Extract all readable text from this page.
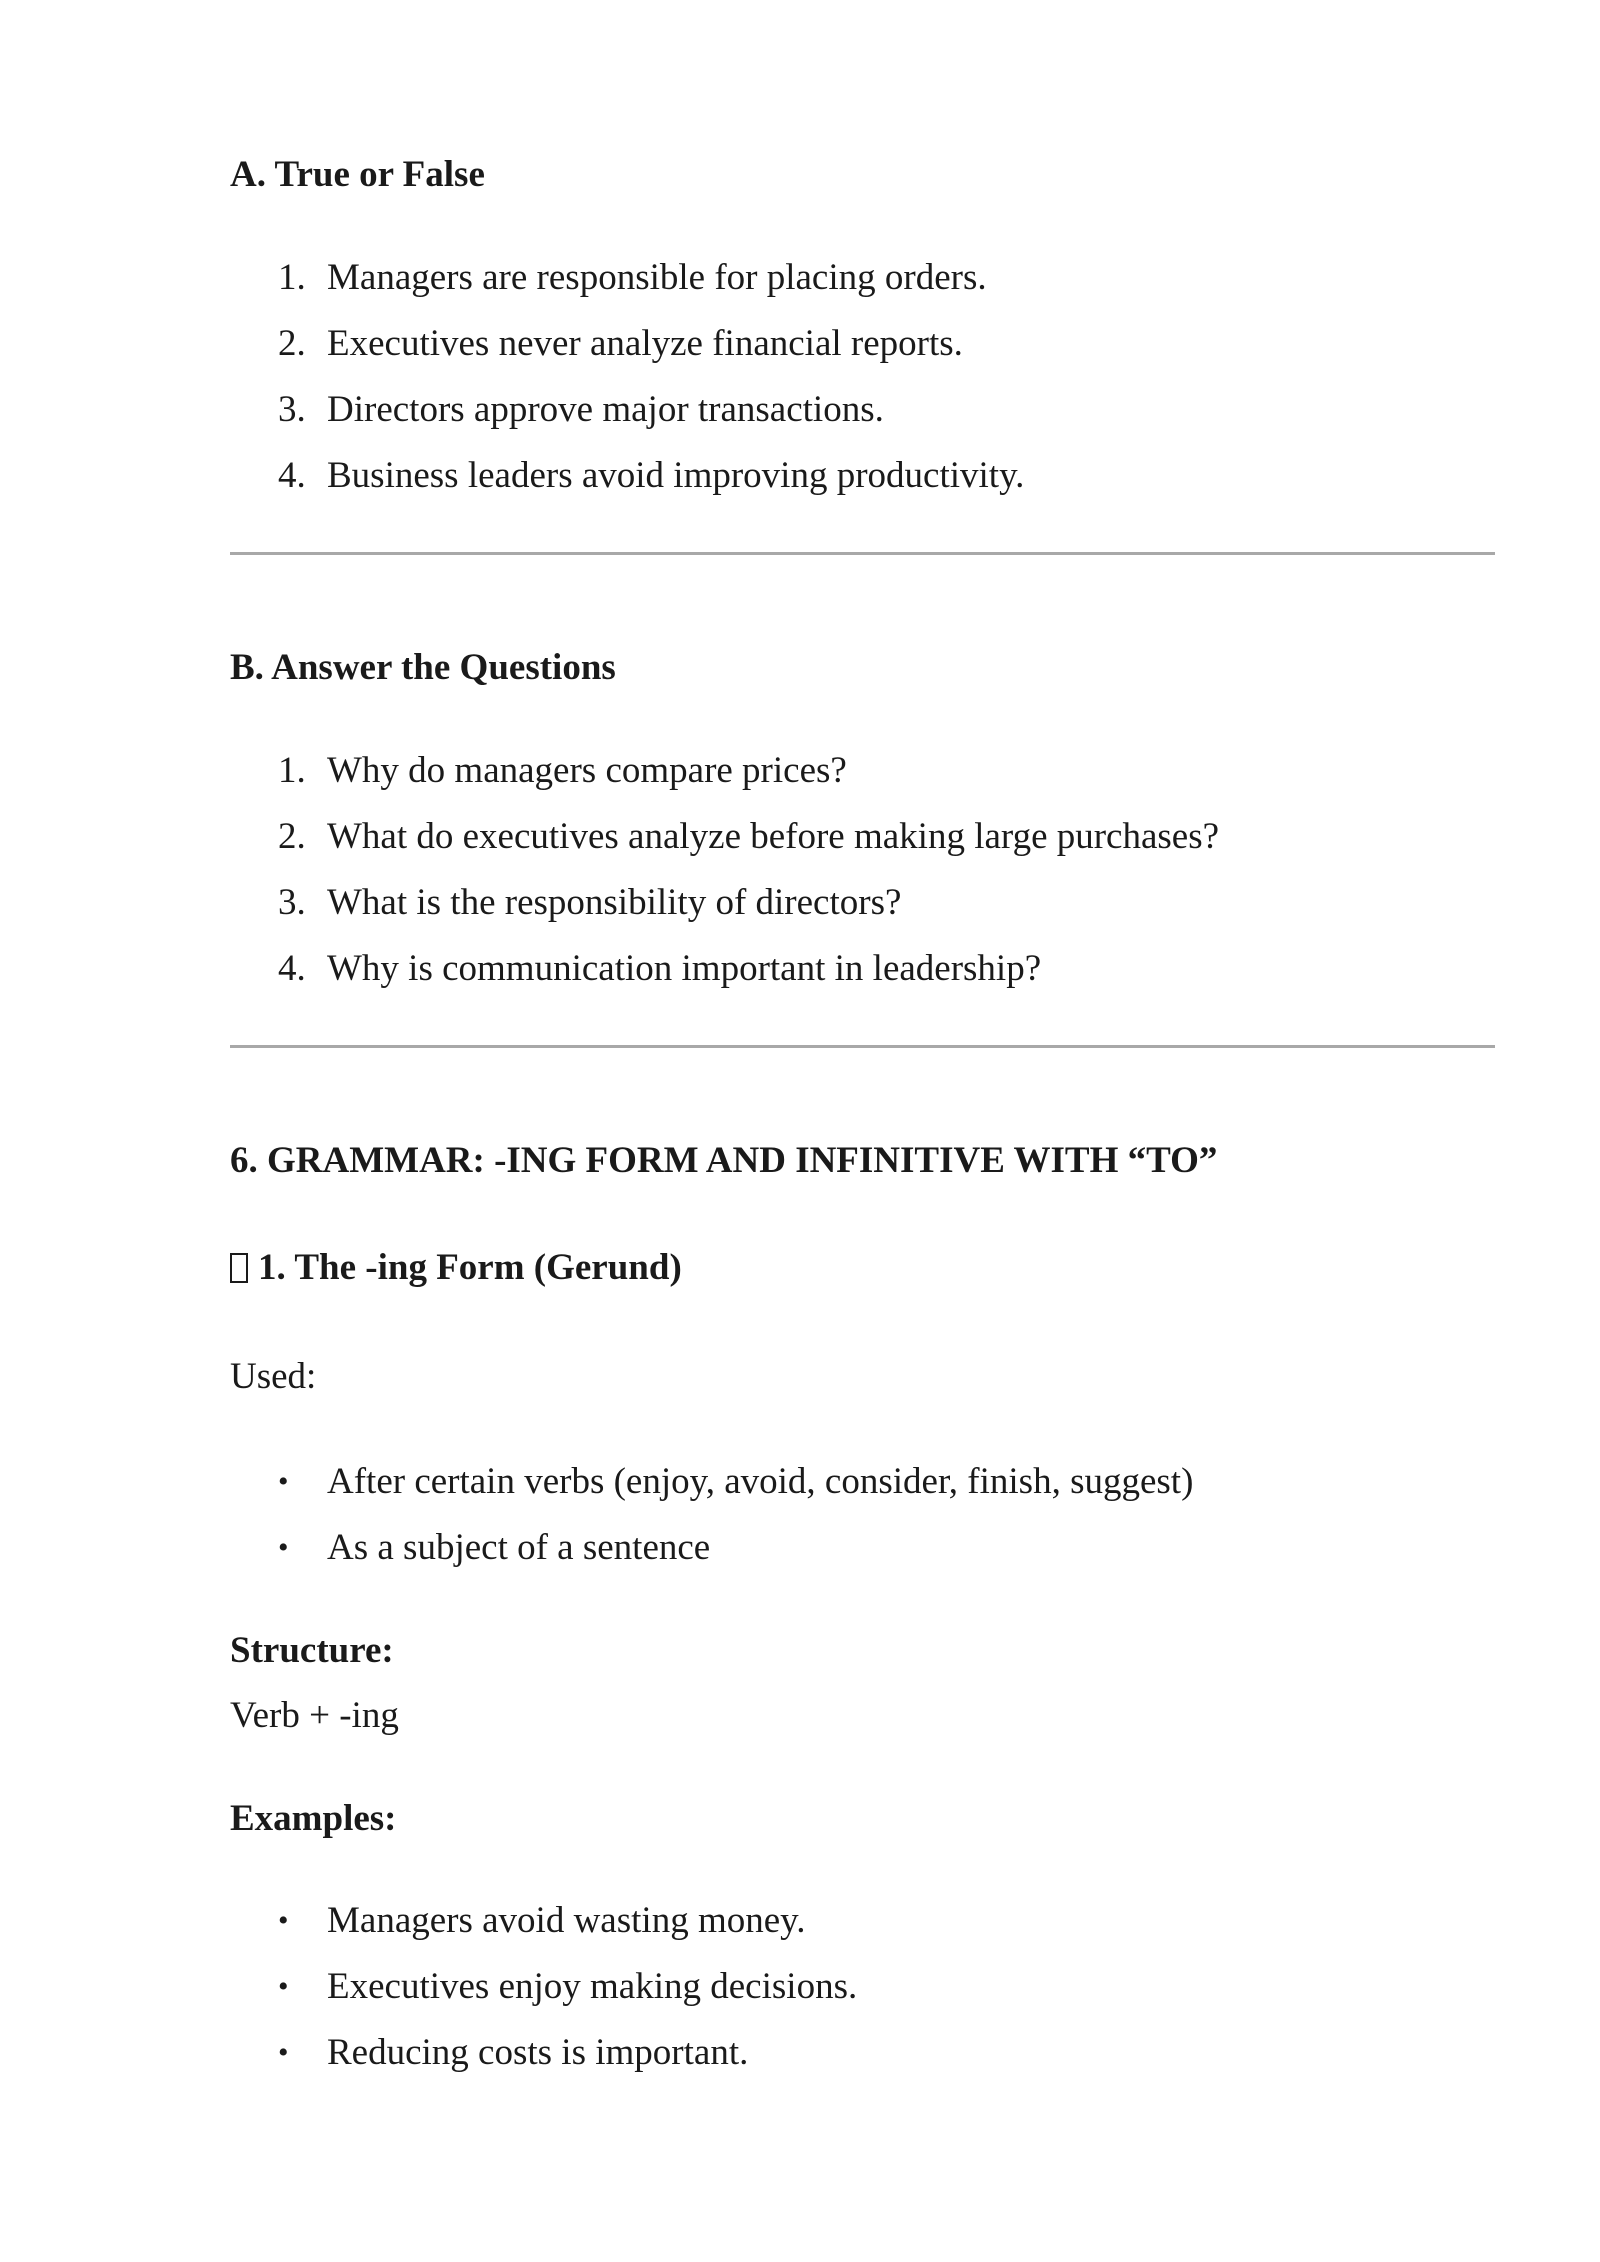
A. True or False
1. Managers are responsible for placing orders.
2. Executives never analyze financial reports.
3. Directors approve major transactions.
4. Business leaders avoid improving productivity.
B. Answer the Questions
1. Why do managers compare prices?
2. What do executives analyze before making large purchases?
3. What is the responsibility of directors?
4. Why is communication important in leadership?
6. GRAMMAR: -ING FORM AND INFINITIVE WITH “TO”
1. The -ing Form (Gerund)
Used:
• After certain verbs (enjoy, avoid, consider, finish, suggest)
• As a subject of a sentence
Structure:
Verb + -ing
Examples:
• Managers avoid wasting money.
• Executives enjoy making decisions.
• Reducing costs is important.
